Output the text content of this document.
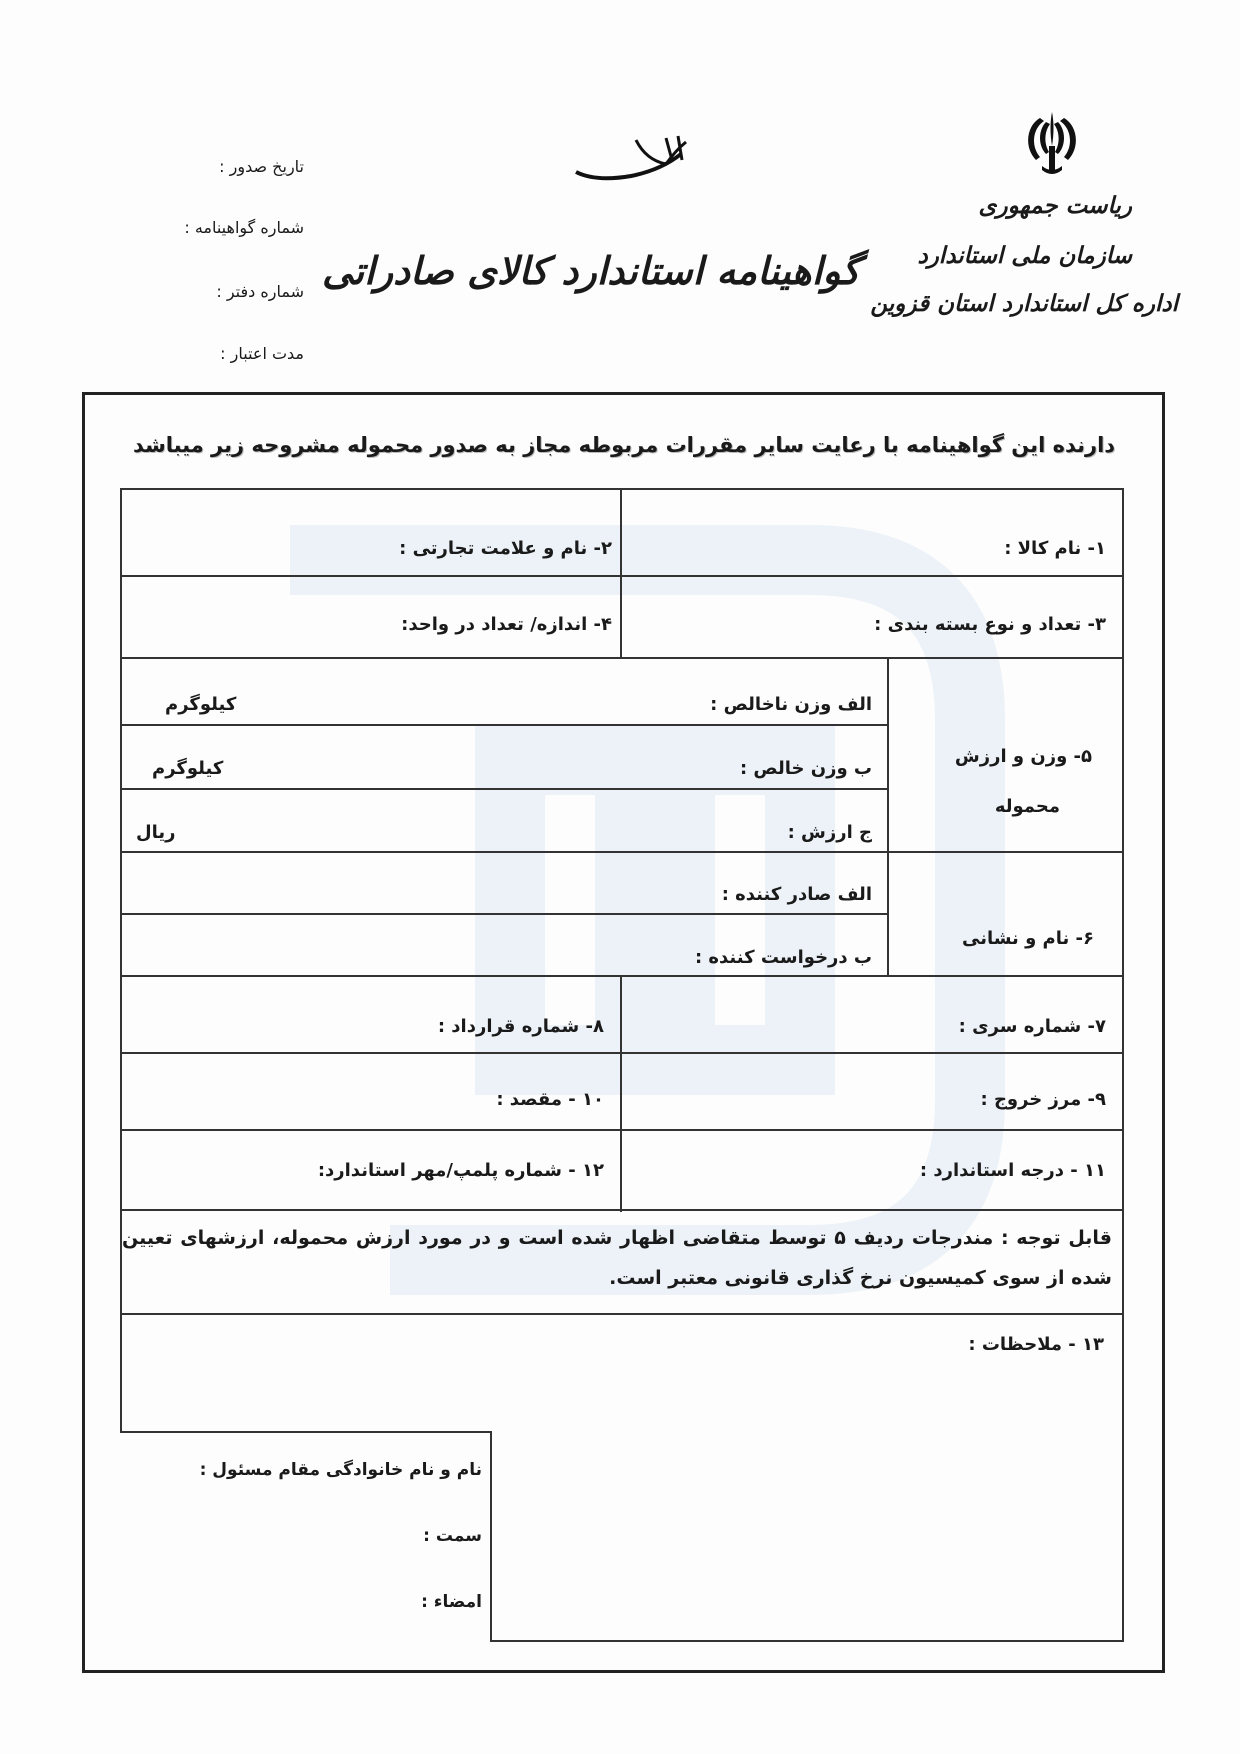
ریاست جمهوری
سازمان ملی استاندارد
اداره کل استاندارد استان قزوین
گواهینامه استاندارد کالای صادراتی
تاریخ صدور :
شماره گواهینامه :
شماره دفتر :
مدت اعتبار :
دارنده این گواهینامه با رعایت سایر مقررات مربوطه مجاز به صدور محموله مشروحه زیر میباشد
۱- نام کالا :
۲- نام و علامت تجارتی :
۳- تعداد و نوع بسته بندی :
۴- اندازه/ تعداد در واحد:
۵- وزن و ارزش
محموله
الف وزن ناخالص :
کیلوگرم
ب وزن خالص :
کیلوگرم
ج ارزش :
ریال
۶- نام و نشانی
الف صادر کننده :
ب درخواست کننده :
۷- شماره سری :
۸- شماره قرارداد :
۹- مرز خروج :
۱۰ - مقصد :
۱۱ - درجه استاندارد :
۱۲ - شماره پلمپ/مهر استاندارد:
قابل توجه : مندرجات ردیف ۵ توسط متقاضی اظهار شده است و در مورد ارزش محموله، ارزشهای تعیین شده از سوی کمیسیون نرخ گذاری قانونی معتبر است.
۱۳ - ملاحظات :
نام و نام خانوادگی مقام مسئول :
سمت :
امضاء :
